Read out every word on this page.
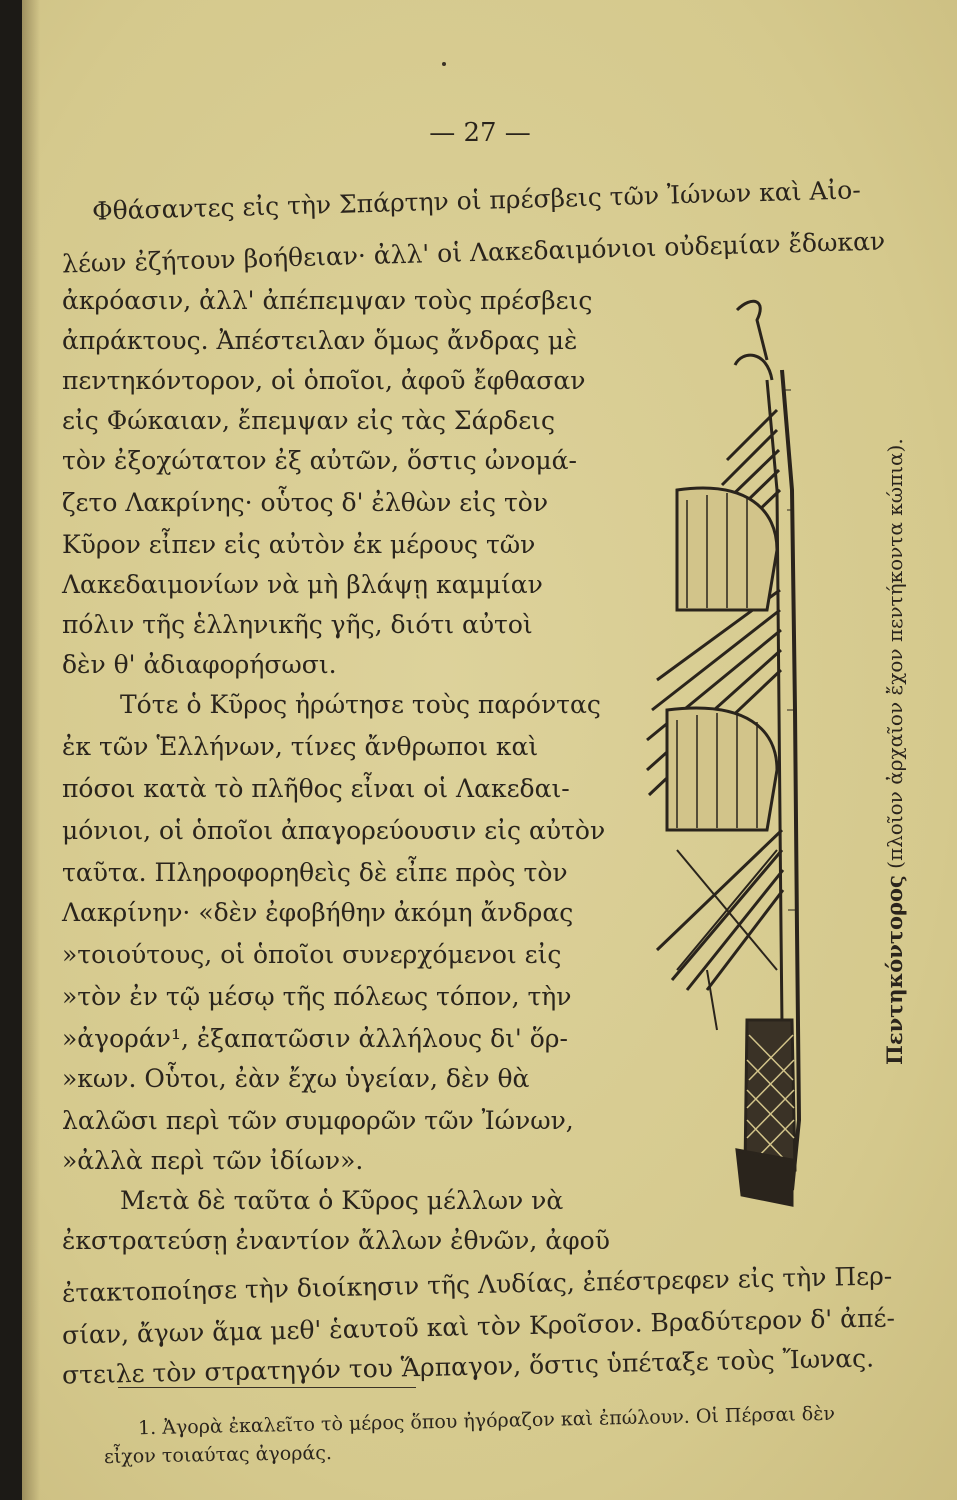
— 27 —
Φθάσαντες εἰς τὴν Σπάρτην οἱ πρέσβεις τῶν Ἰώνων καὶ Αἰο-
λέων ἐζήτουν βοήθειαν· ἀλλ' οἱ Λακεδαιμόνιοι οὐδεμίαν ἔδωκαν
ἀκρόασιν, ἀλλ' ἀπέπεμψαν τοὺς πρέσβεις
ἀπράκτους. Ἀπέστειλαν ὅμως ἄνδρας μὲ
πεντηκόντορον, οἱ ὁποῖοι, ἀφοῦ ἔφθασαν
εἰς Φώκαιαν, ἔπεμψαν εἰς τὰς Σάρδεις
τὸν ἐξοχώτατον ἐξ αὐτῶν, ὅστις ὠνομά-
ζετο Λακρίνης· οὗτος δ' ἐλθὼν εἰς τὸν
Κῦρον εἶπεν εἰς αὐτὸν ἐκ μέρους τῶν
Λακεδαιμονίων νὰ μὴ βλάψῃ καμμίαν
πόλιν τῆς ἑλληνικῆς γῆς, διότι αὐτοὶ
δὲν θ' ἀδιαφορήσωσι.
Τότε ὁ Κῦρος ἠρώτησε τοὺς παρόντας
ἐκ τῶν Ἑλλήνων, τίνες ἄνθρωποι καὶ
πόσοι κατὰ τὸ πλῆθος εἶναι οἱ Λακεδαι-
μόνιοι, οἱ ὁποῖοι ἀπαγορεύουσιν εἰς αὐτὸν
ταῦτα. Πληροφορηθεὶς δὲ εἶπε πρὸς τὸν
Λακρίνην· «δὲν ἐφοβήθην ἀκόμη ἄνδρας
»τοιούτους, οἱ ὁποῖοι συνερχόμενοι εἰς
»τὸν ἐν τῷ μέσῳ τῆς πόλεως τόπον, τὴν
»ἀγοράν¹, ἐξαπατῶσιν ἀλλήλους δι' ὅρ-
»κων. Οὗτοι, ἐὰν ἔχω ὑγείαν, δὲν θὰ
λαλῶσι περὶ τῶν συμφορῶν τῶν Ἰώνων,
»ἀλλὰ περὶ τῶν ἰδίων».
Μετὰ δὲ ταῦτα ὁ Κῦρος μέλλων νὰ
ἐκστρατεύσῃ ἐναντίον ἄλλων ἐθνῶν, ἀφοῦ
ἐτακτοποίησε τὴν διοίκησιν τῆς Λυδίας, ἐπέστρεφεν εἰς τὴν Περ-
σίαν, ἄγων ἅμα μεθ' ἑαυτοῦ καὶ τὸν Κροῖσον. Βραδύτερον δ' ἀπέ-
στειλε τὸν στρατηγόν του Ἅρπαγον, ὅστις ὑπέταξε τοὺς Ἴωνας.
Πεντηκόντορος (πλοῖον ἀρχαῖον ἔχον πεντήκοντα κώπια).
1. Ἀγορὰ ἐκαλεῖτο τὸ μέρος ὅπου ἠγόραζον καὶ ἐπώλουν. Οἱ Πέρσαι δὲν
εἶχον τοιαύτας ἀγοράς.
